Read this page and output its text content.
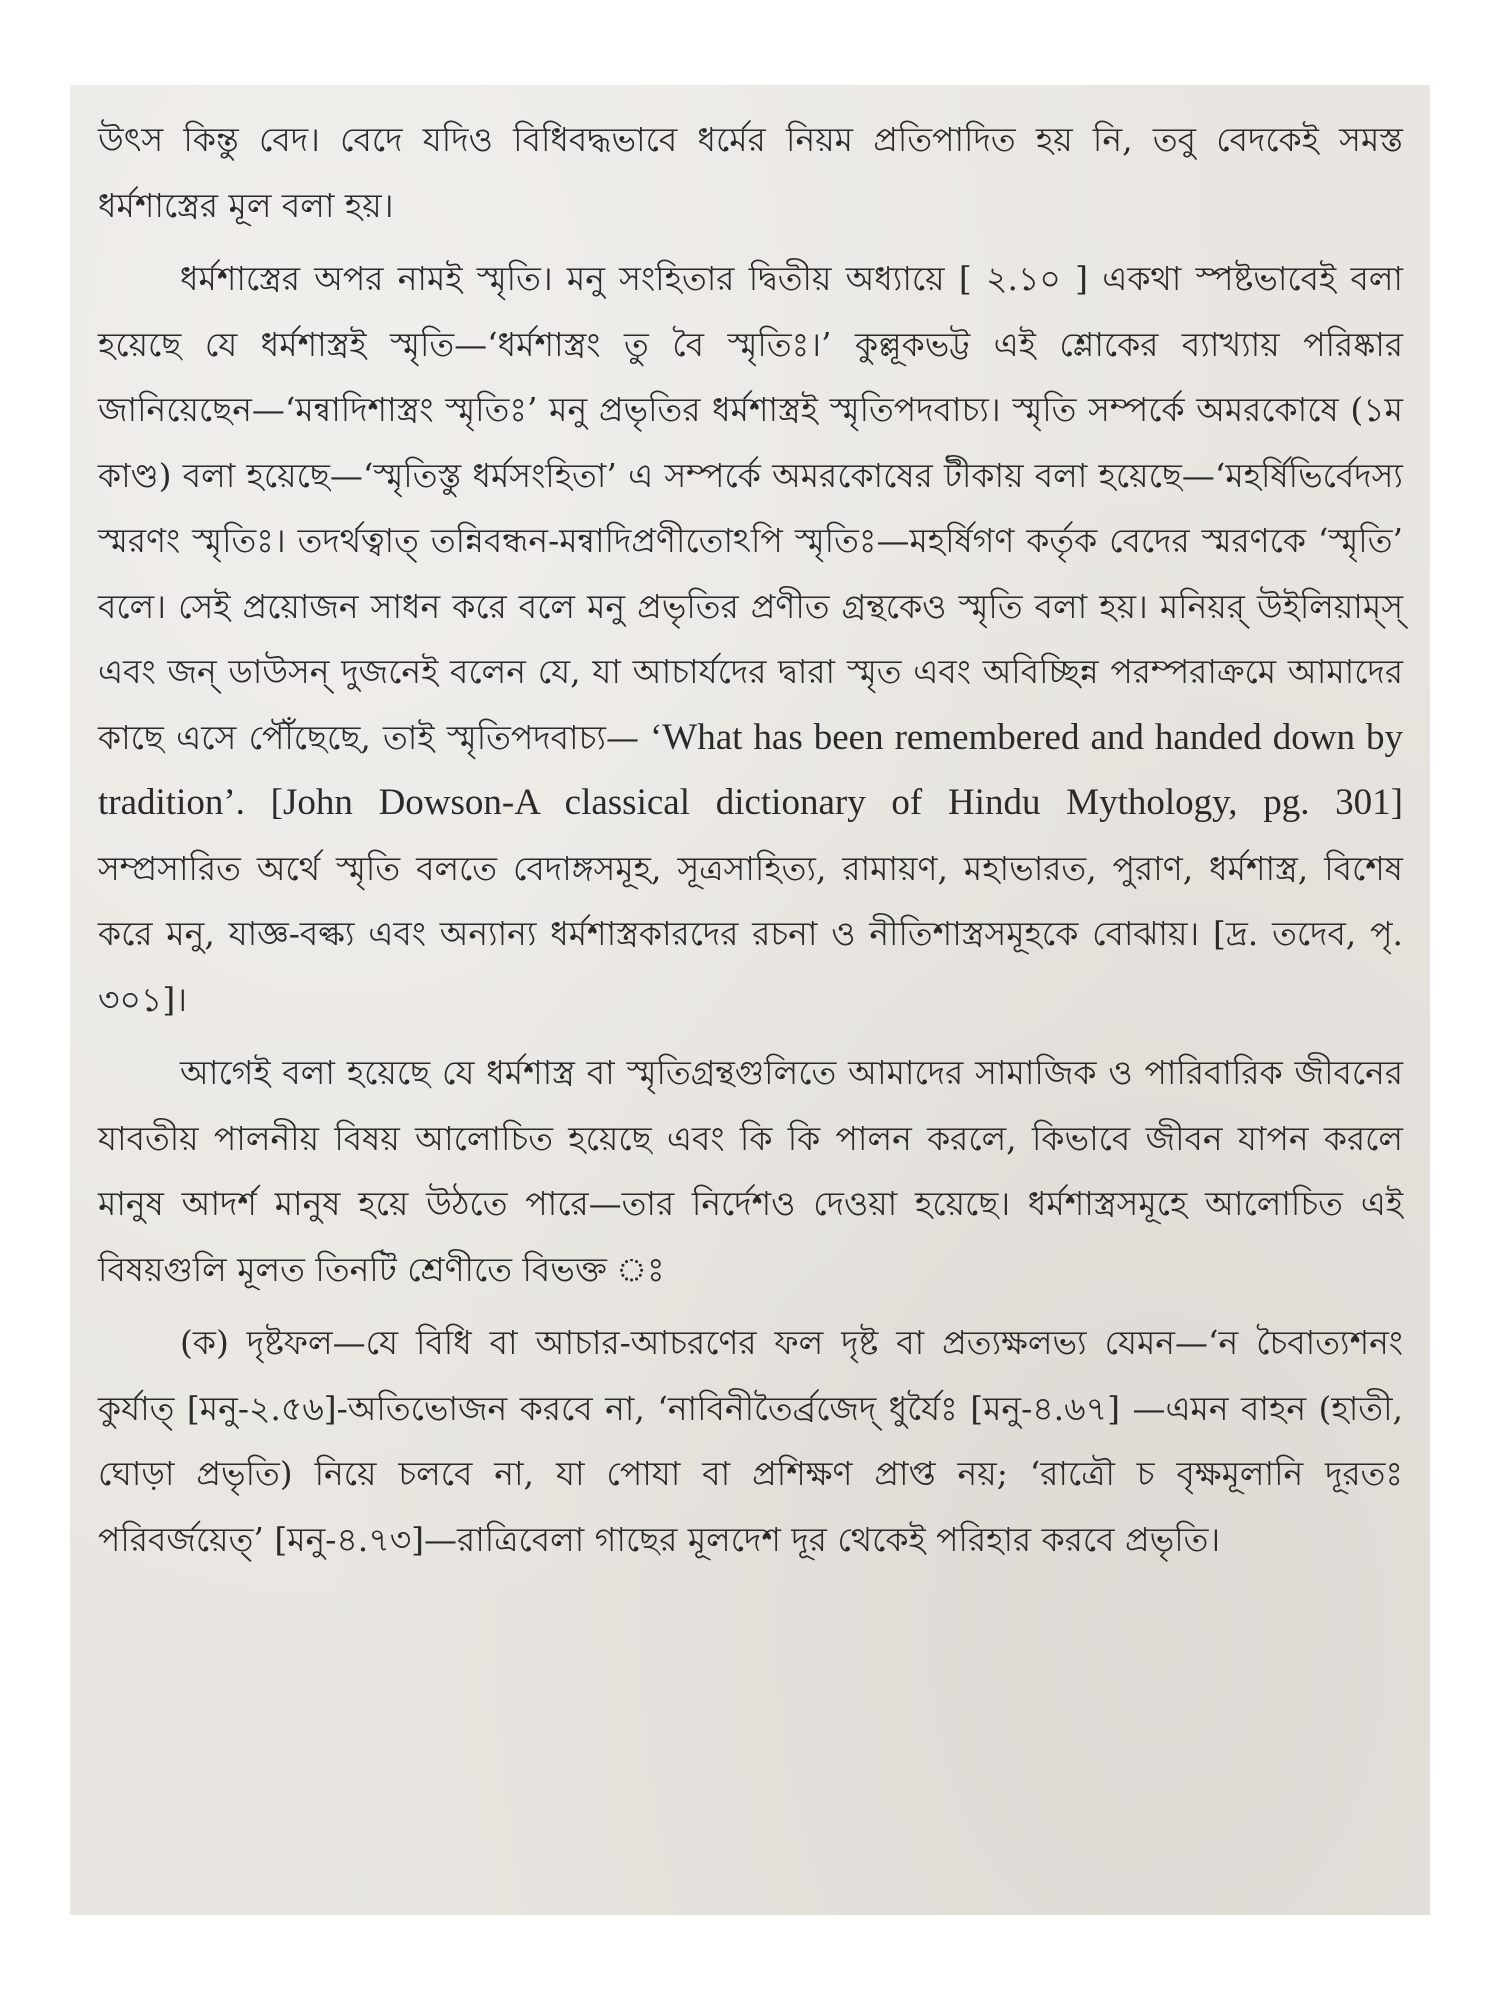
উৎস কিন্তু বেদ। বেদে যদিও বিধিবদ্ধভাবে ধর্মের নিয়ম প্রতিপাদিত হয় নি, তবু বেদকেই সমস্ত ধর্মশাস্ত্রের মূল বলা হয়।

ধর্মশাস্ত্রের অপর নামই স্মৃতি। মনু সংহিতার দ্বিতীয় অধ্যায়ে [ ২.১০ ] একথা স্পষ্টভাবেই বলা হয়েছে যে ধর্মশাস্ত্রই স্মৃতি—‘ধর্মশাস্ত্রং তু বৈ স্মৃতিঃ।’ কুল্লূকভট্ট এই শ্লোকের ব্যাখ্যায় পরিষ্কার জানিয়েছেন—‘মন্বাদিশাস্ত্রং স্মৃতিঃ’ মনু প্রভৃতির ধর্মশাস্ত্রই স্মৃতিপদবাচ্য। স্মৃতি সম্পর্কে অমরকোষে (১ম কাণ্ড) বলা হয়েছে—‘স্মৃতিস্তু ধর্মসংহিতা’ এ সম্পর্কে অমরকোষের টীকায় বলা হয়েছে—‘মহর্ষিভির্বেদস্য স্মরণং স্মৃতিঃ। তদর্থত্বাত্ তন্নিবন্ধন-মন্বাদিপ্রণীতোঽপি স্মৃতিঃ—মহর্ষিগণ কর্তৃক বেদের স্মরণকে ‘স্মৃতি’ বলে। সেই প্রয়োজন সাধন করে বলে মনু প্রভৃতির প্রণীত গ্রন্থকেও স্মৃতি বলা হয়। মনিয়র্ উইলিয়াম্‌স্ এবং জন্ ডাউসন্ দুজনেই বলেন যে, যা আচার্যদের দ্বারা স্মৃত এবং অবিচ্ছিন্ন পরম্পরাক্রমে আমাদের কাছে এসে পৌঁছেছে, তাই স্মৃতিপদবাচ্য— ‘What has been remembered and handed down by tradition’. [John Dowson-A classical dictionary of Hindu Mythology, pg. 301] সম্প্রসারিত অর্থে স্মৃতি বলতে বেদাঙ্গসমূহ, সূত্রসাহিত্য, রামায়ণ, মহাভারত, পুরাণ, ধর্মশাস্ত্র, বিশেষ করে মনু, যাজ্ঞ-বল্ক্য এবং অন্যান্য ধর্মশাস্ত্রকারদের রচনা ও নীতিশাস্ত্রসমূহকে বোঝায়। [দ্র. তদেব, পৃ. ৩০১]।

আগেই বলা হয়েছে যে ধর্মশাস্ত্র বা স্মৃতিগ্রন্থগুলিতে আমাদের সামাজিক ও পারিবারিক জীবনের যাবতীয় পালনীয় বিষয় আলোচিত হয়েছে এবং কি কি পালন করলে, কিভাবে জীবন যাপন করলে মানুষ আদর্শ মানুষ হয়ে উঠতে পারে—তার নির্দেশও দেওয়া হয়েছে। ধর্মশাস্ত্রসমূহে আলোচিত এই বিষয়গুলি মূলত তিনটি শ্রেণীতে বিভক্ত ঃ

(ক) দৃষ্টফল—যে বিধি বা আচার-আচরণের ফল দৃষ্ট বা প্রত্যক্ষলভ্য যেমন—‘ন চৈবাত্যশনং কুর্যাত্ [মনু-২.৫৬]-অতিভোজন করবে না, ‘নাবিনীতৈর্ব্রজেদ্ ধুর্যৈঃ [মনু-৪.৬৭] —এমন বাহন (হাতী, ঘোড়া প্রভৃতি) নিয়ে চলবে না, যা পোযা বা প্রশিক্ষণ প্রাপ্ত নয়; ‘রাত্রৌ চ বৃক্ষমূলানি দূরতঃ পরিবর্জয়েত্’ [মনু-৪.৭৩]—রাত্রিবেলা গাছের মূলদেশ দূর থেকেই পরিহার করবে প্রভৃতি।
